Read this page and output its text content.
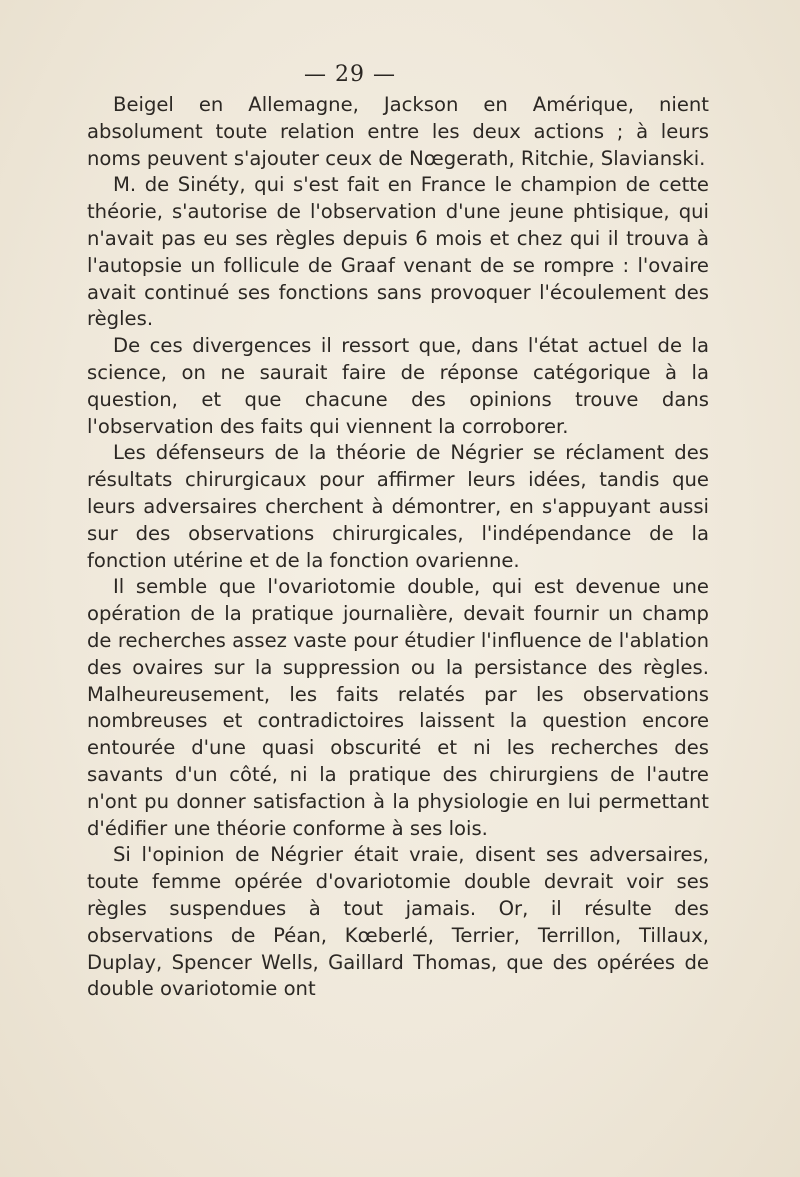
— 29 —

Beigel en Allemagne, Jackson en Amérique, nient absolument toute relation entre les deux actions ; à leurs noms peuvent s'ajouter ceux de Nœgerath, Ritchie, Slavianski.

M. de Sinéty, qui s'est fait en France le champion de cette théorie, s'autorise de l'observation d'une jeune phtisique, qui n'avait pas eu ses règles depuis 6 mois et chez qui il trouva à l'autopsie un follicule de Graaf venant de se rompre : l'ovaire avait continué ses fonctions sans provoquer l'écoulement des règles.

De ces divergences il ressort que, dans l'état actuel de la science, on ne saurait faire de réponse catégorique à la question, et que chacune des opinions trouve dans l'observation des faits qui viennent la corroborer.

Les défenseurs de la théorie de Négrier se réclament des résultats chirurgicaux pour affirmer leurs idées, tandis que leurs adversaires cherchent à démontrer, en s'appuyant aussi sur des observations chirurgicales, l'indépendance de la fonction utérine et de la fonction ovarienne.

Il semble que l'ovariotomie double, qui est devenue une opération de la pratique journalière, devait fournir un champ de recherches assez vaste pour étudier l'influence de l'ablation des ovaires sur la suppression ou la persistance des règles. Malheureusement, les faits relatés par les observations nombreuses et contradictoires laissent la question encore entourée d'une quasi obscurité et ni les recherches des savants d'un côté, ni la pratique des chirurgiens de l'autre n'ont pu donner satisfaction à la physiologie en lui permettant d'édifier une théorie conforme à ses lois.

Si l'opinion de Négrier était vraie, disent ses adversaires, toute femme opérée d'ovariotomie double devrait voir ses règles suspendues à tout jamais. Or, il résulte des observations de Péan, Kœberlé, Terrier, Terrillon, Tillaux, Duplay, Spencer Wells, Gaillard Thomas, que des opérées de double ovariotomie ont
